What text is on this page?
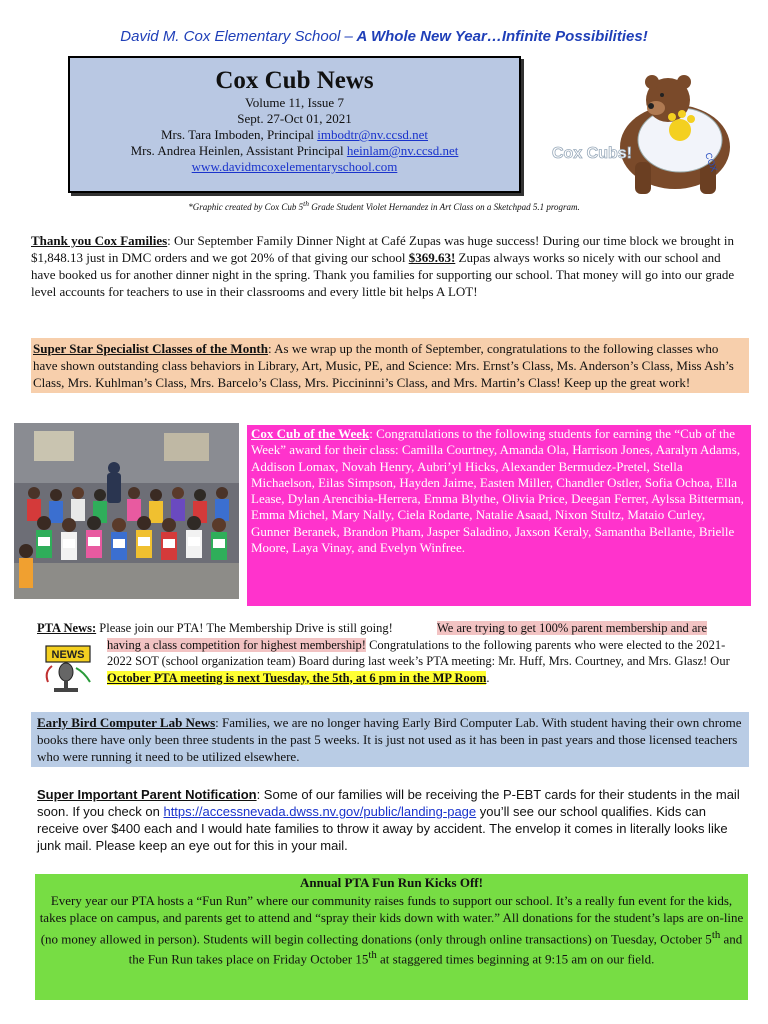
David M. Cox Elementary School – A Whole New Year…Infinite Possibilities!
Cox Cub News
Volume 11, Issue 7
Sept. 27-Oct 01, 2021
Mrs. Tara Imboden, Principal imbodtr@nv.ccsd.net
Mrs. Andrea Heinlen, Assistant Principal heinlam@nv.ccsd.net
www.davidmcoxelementaryschool.com	COX
Cox Cubs!
*Graphic created by Cox Cub 5th Grade Student Violet Hernandez in Art Class on a Sketchpad 5.1 program.
Thank you Cox Families: Our September Family Dinner Night at Café Zupas was huge success! During our time block we brought in $1,848.13 just in DMC orders and we got 20% of that giving our school $369.63! Zupas always works so nicely with our school and have booked us for another dinner night in the spring. Thank you families for supporting our school. That money will go into our grade level accounts for teachers to use in their classrooms and every little bit helps A LOT!
Super Star Specialist Classes of the Month: As we wrap up the month of September, congratulations to the following classes who have shown outstanding class behaviors in Library, Art, Music, PE, and Science: Mrs. Ernst’s Class, Ms. Anderson’s Class, Miss Ash’s Class, Mrs. Kuhlman’s Class, Mrs. Barcelo’s Class, Mrs. Piccininni’s Class, and Mrs. Martin’s Class! Keep up the great work!
Cox Cub of the Week: Congratulations to the following students for earning the “Cub of the Week” award for their class: Camilla Courtney, Amanda Ola, Harrison Jones, Aaralyn Adams, Addison Lomax, Novah Henry, Aubri’yl Hicks, Alexander Bermudez-Pretel, Stella Michaelson, Eilas Simpson, Hayden Jaime, Easten Miller, Chandler Ostler, Sofia Ochoa, Ella Lease, Dylan Arencibia-Herrera, Emma Blythe, Olivia Price, Deegan Ferrer, Aylssa Bitterman, Emma Michel, Mary Nally, Ciela Rodarte, Natalie Asaad, Nixon Stultz, Mataio Curley, Gunner Beranek, Brandon Pham, Jasper Saladino, Jaxson Keraly, Samantha Bellante, Brielle Moore, Laya Vinay, and Evelyn Winfree.
NEWS
PTA News: Please join our PTA! The Membership Drive is still going!	We are trying to get 100% parent membership and are having a class competition for highest membership! Congratulations to the following parents who were elected to the 2021-2022 SOT (school organization team) Board during last week’s PTA meeting: Mr. Huff, Mrs. Courtney, and Mrs. Glasz! Our October PTA meeting is next Tuesday, the 5th, at 6 pm in the MP Room.
Early Bird Computer Lab News: Families, we are no longer having Early Bird Computer Lab. With student having their own chrome books there have only been three students in the past 5 weeks. It is just not used as it has been in past years and those licensed teachers who were running it need to be utilized elsewhere.
Super Important Parent Notification: Some of our families will be receiving the P-EBT cards for their students in the mail soon. If you check on https://accessnevada.dwss.nv.gov/public/landing-page you’ll see our school qualifies. Kids can receive over $400 each and I would hate families to throw it away by accident. The envelop it comes in literally looks like junk mail. Please keep an eye out for this in your mail.
Annual PTA Fun Run Kicks Off!
Every year our PTA hosts a “Fun Run” where our community raises funds to support our school. It’s a really fun event for the kids, takes place on campus, and parents get to attend and “spray their kids down with water.” All donations for the student’s laps are on-line (no money allowed in person). Students will begin collecting donations (only through online transactions) on Tuesday, October 5th and the Fun Run takes place on Friday October 15th at staggered times beginning at 9:15 am on our field.
